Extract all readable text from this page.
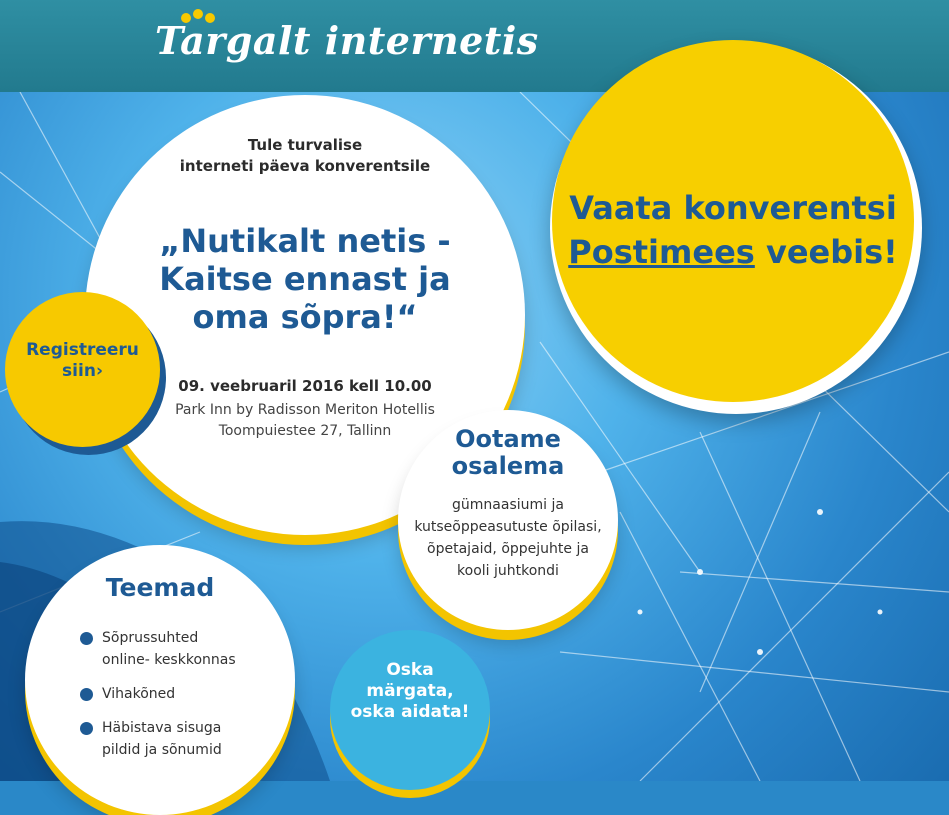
Targalt internetis
Tule turvalise
interneti päeva konverentsile
„Nutikalt netis -
Kaitse ennast ja
oma sõpra!“
09. veebruaril 2016 kell 10.00
Park Inn by Radisson Meriton Hotellis
Toompuiestee 27, Tallinn
Registreeru
siin›
Ootame
osalema
gümnaasiumi ja
kutseõppeasutuste õpilasi,
õpetajaid, õppejuhte ja
kooli juhtkondi
Teemad
Sõprussuhted
online- keskkonnas
Vihakõned
Häbistava sisuga
pildid ja sõnumid
Oska
märgata,
oska aidata!
Vaata konverentsi
Postimees veebis!
